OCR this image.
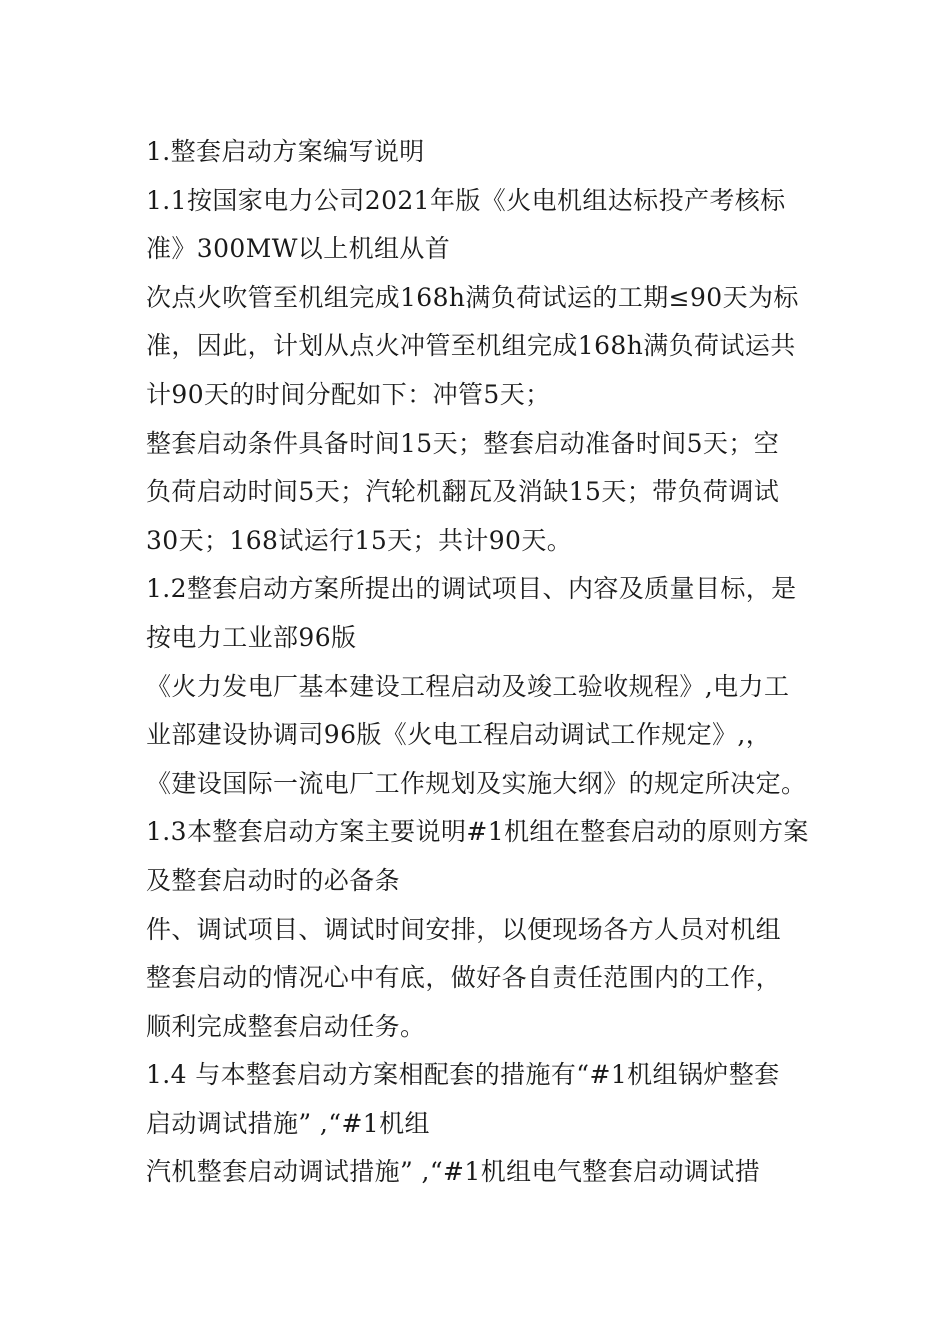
1.整套启动方案编写说明
1.1按国家电力公司2021年版《火电机组达标投产考核标
准》300MW以上机组从首
次点火吹管至机组完成168h满负荷试运的工期≤90天为标
准，因此，计划从点火冲管至机组完成168h满负荷试运共
计90天的时间分配如下：冲管5天；
整套启动条件具备时间15天；整套启动准备时间5天；空
负荷启动时间5天；汽轮机翻瓦及消缺15天；带负荷调试
30天；168试运行15天；共计90天。
1.2整套启动方案所提出的调试项目、内容及质量目标，是
按电力工业部96版
《火力发电厂基本建设工程启动及竣工验收规程》,电力工
业部建设协调司96版《火电工程启动调试工作规定》,，
《建设国际一流电厂工作规划及实施大纲》的规定所决定。
1.3本整套启动方案主要说明#1机组在整套启动的原则方案
及整套启动时的必备条
件、调试项目、调试时间安排，以便现场各方人员对机组
整套启动的情况心中有底，做好各自责任范围内的工作，
顺利完成整套启动任务。
1.4 与本整套启动方案相配套的措施有“#1机组锅炉整套
启动调试措施” ,“#1机组
汽机整套启动调试措施” ,“#1机组电气整套启动调试措
